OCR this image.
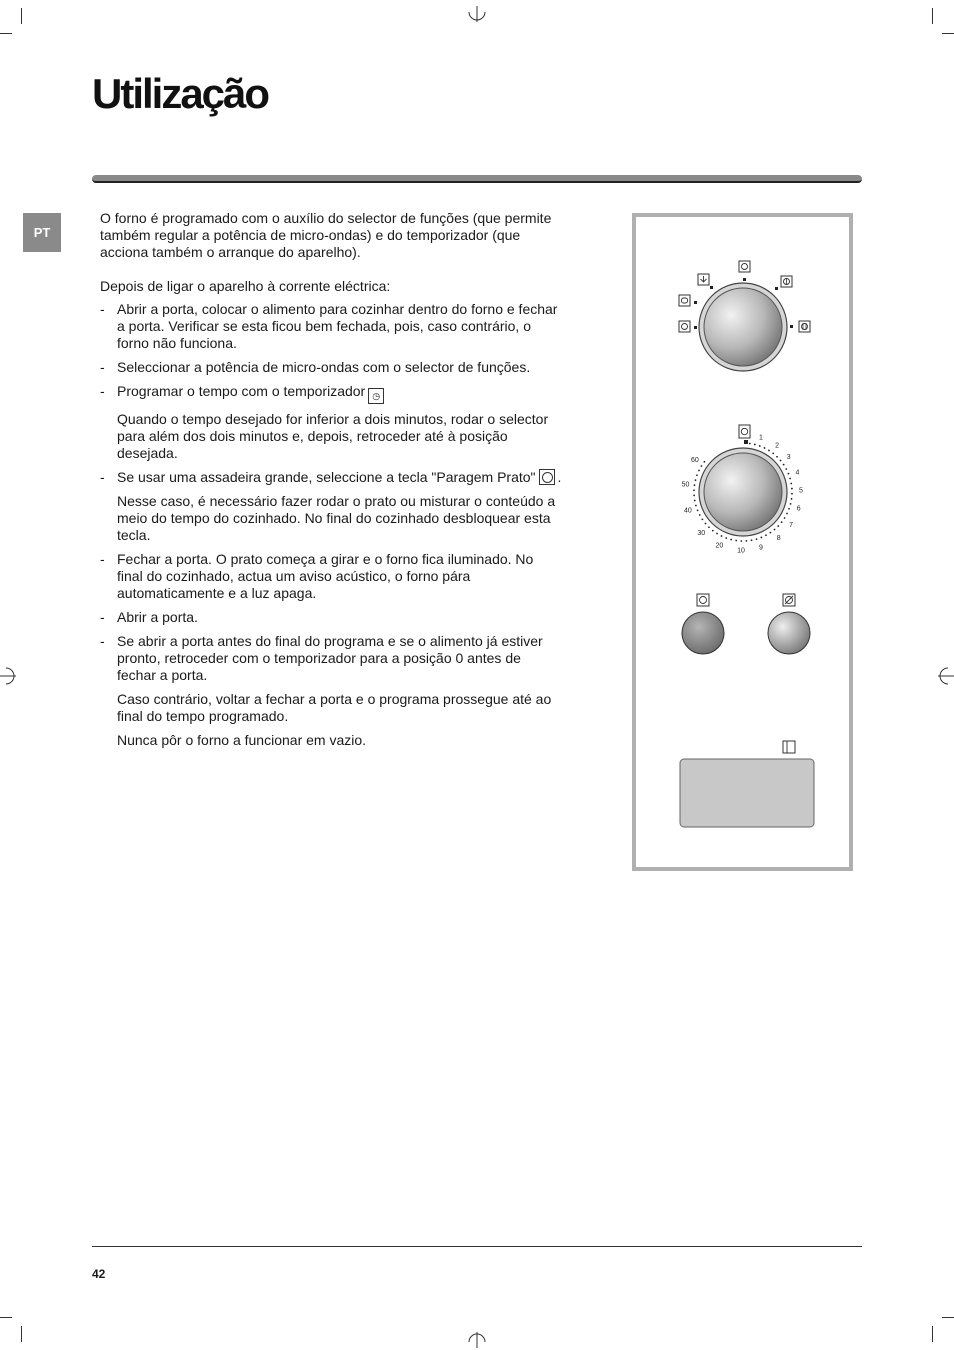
Utilização
PT

O forno é programado com o auxílio do selector de funções (que permite também regular a potência de micro-ondas) e do temporizador (que acciona também o arranque do aparelho).

Depois de ligar o aparelho à corrente eléctrica:

- Abrir a porta, colocar o alimento para cozinhar dentro do forno e fechar a porta. Verificar se esta ficou bem fechada, pois, caso contrário, o forno não funciona.
- Seleccionar a potência de micro-ondas com o selector de funções.

- Programar o tempo com o temporizador ◷

Quando o tempo desejado for inferior a dois minutos, rodar o selector para além dos dois minutos e, depois, retroceder até à posição desejada.

- Se usar uma assadeira grande, seleccione a tecla "Paragem Prato" .

Nesse caso, é necessário fazer rodar o prato ou misturar o conteúdo a meio do tempo do cozinhado. No final do cozinhado desbloquear esta tecla.

- Fechar a porta. O prato começa a girar e o forno fica iluminado. No final do cozinhado, actua um aviso acústico, o forno pára automaticamente e a luz apaga.
- Abrir a porta.

- Se abrir a porta antes do final do programa e se o alimento já estiver pronto, retroceder com o temporizador para a posição 0 antes de fechar a porta.

Caso contrário, voltar a fechar a porta e o programa prossegue até ao final do tempo programado.

Nunca pôr o forno a funcionar em vazio.

1
2
3
4
5
6
7
8
9
10
20
30
40
50
60
42
